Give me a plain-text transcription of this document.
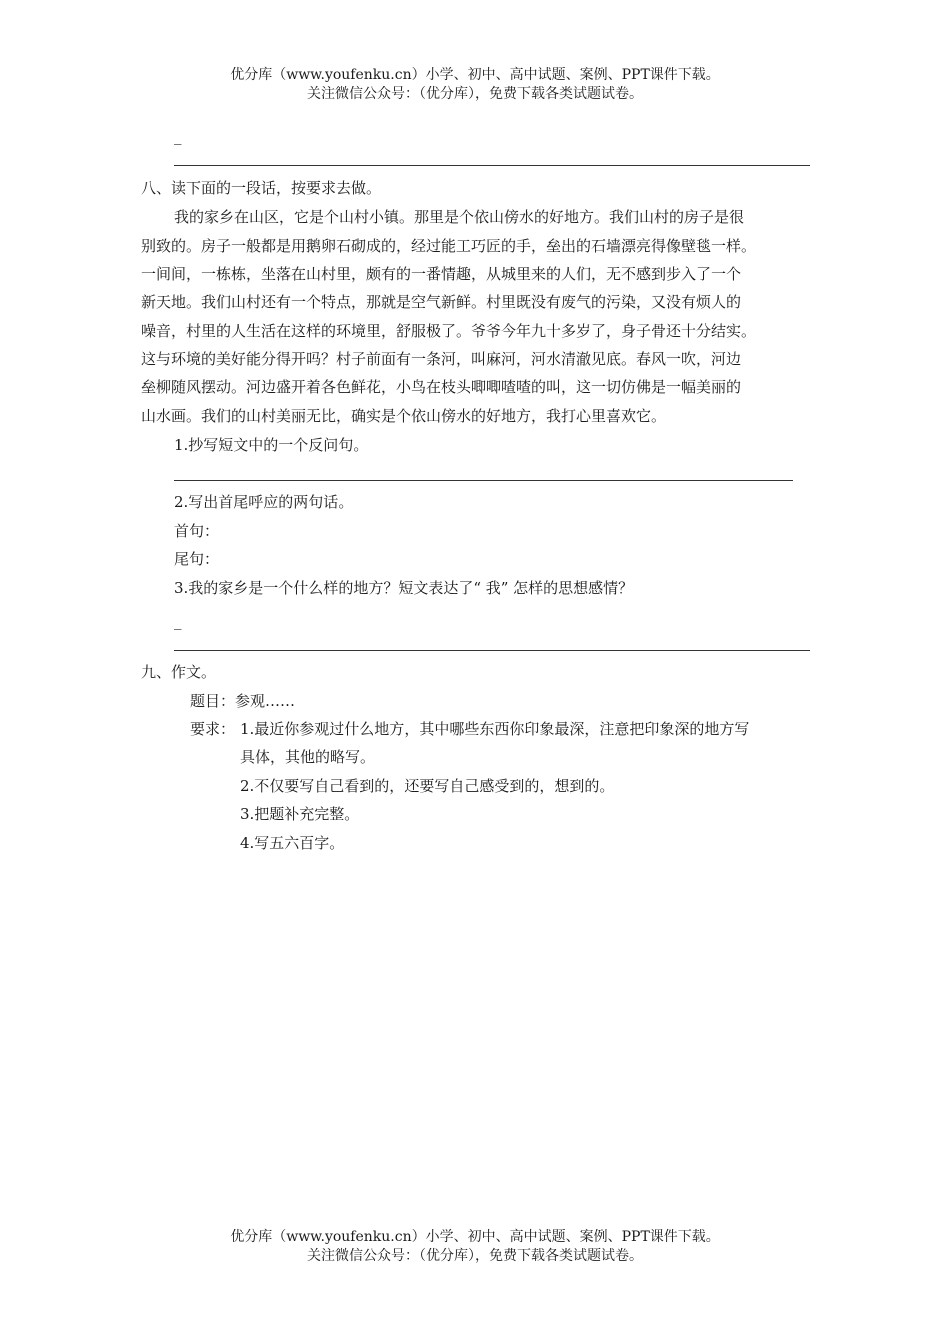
优分库（www.youfenku.cn）小学、初中、高中试题、案例、PPT课件下载。
关注微信公众号：（优分库），免费下载各类试题试卷。
_
八、读下面的一段话，按要求去做。
我的家乡在山区，它是个山村小镇。那里是个依山傍水的好地方。我们山村的房子是很
别致的。房子一般都是用鹅卵石砌成的，经过能工巧匠的手，垒出的石墙漂亮得像壁毯一样。
一间间，一栋栋，坐落在山村里，颇有的一番情趣，从城里来的人们，无不感到步入了一个
新天地。我们山村还有一个特点，那就是空气新鲜。村里既没有废气的污染，又没有烦人的
噪音，村里的人生活在这样的环境里，舒服极了。爷爷今年九十多岁了，身子骨还十分结实。
这与环境的美好能分得开吗？村子前面有一条河，叫麻河，河水清澈见底。春风一吹，河边
垒柳随风摆动。河边盛开着各色鲜花，小鸟在枝头唧唧喳喳的叫，这一切仿佛是一幅美丽的
山水画。我们的山村美丽无比，确实是个依山傍水的好地方，我打心里喜欢它。
1.抄写短文中的一个反问句。
2.写出首尾呼应的两句话。
首句：
尾句：
3.我的家乡是一个什么样的地方？短文表达了“ 我” 怎样的思想感情？
_
九、作文。
题目：参观……
要求： 1.最近你参观过什么地方，其中哪些东西你印象最深，注意把印象深的地方写
具体，其他的略写。
2.不仅要写自己看到的，还要写自己感受到的，想到的。
3.把题补充完整。
4.写五六百字。
优分库（www.youfenku.cn）小学、初中、高中试题、案例、PPT课件下载。
关注微信公众号：（优分库），免费下载各类试题试卷。
